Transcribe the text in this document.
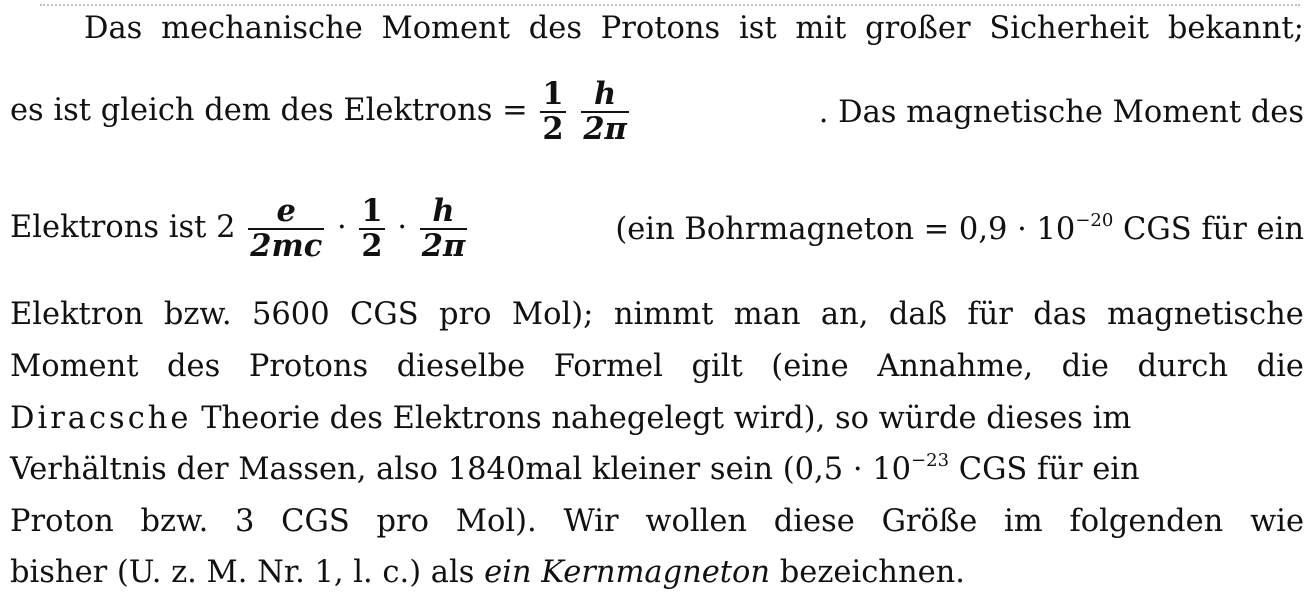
Das mechanische Moment des Protons ist mit großer Sicherheit bekannt;
es ist gleich dem des Elektrons = $\frac{1}{2}$
$\frac{h}{2\pi}$	. Das magnetische Moment des
Elektrons ist $2 \frac{e}{2mc} \cdot \frac{1}{2} \cdot \frac{h}{2\pi}$	(ein Bohrmagneton = $0,9 \cdot 10^{-20}$ CGS für ein
Elektron bzw. 5600 CGS pro Mol); nimmt man an, daß für das magnetische
Moment des Protons dieselbe Formel gilt (eine Annahme, die durch die
Diracsche Theorie des Elektrons nahegelegt wird), so würde dieses im
Verhältnis der Massen, also 1840mal kleiner sein ($0,5 \cdot 10^{-23}$ CGS für ein
Proton bzw. 3 CGS pro Mol). Wir wollen diese Größe im folgenden wie
bisher (U. z. M. Nr. 1, l. c.) als ein Kernmagneton bezeichnen.
